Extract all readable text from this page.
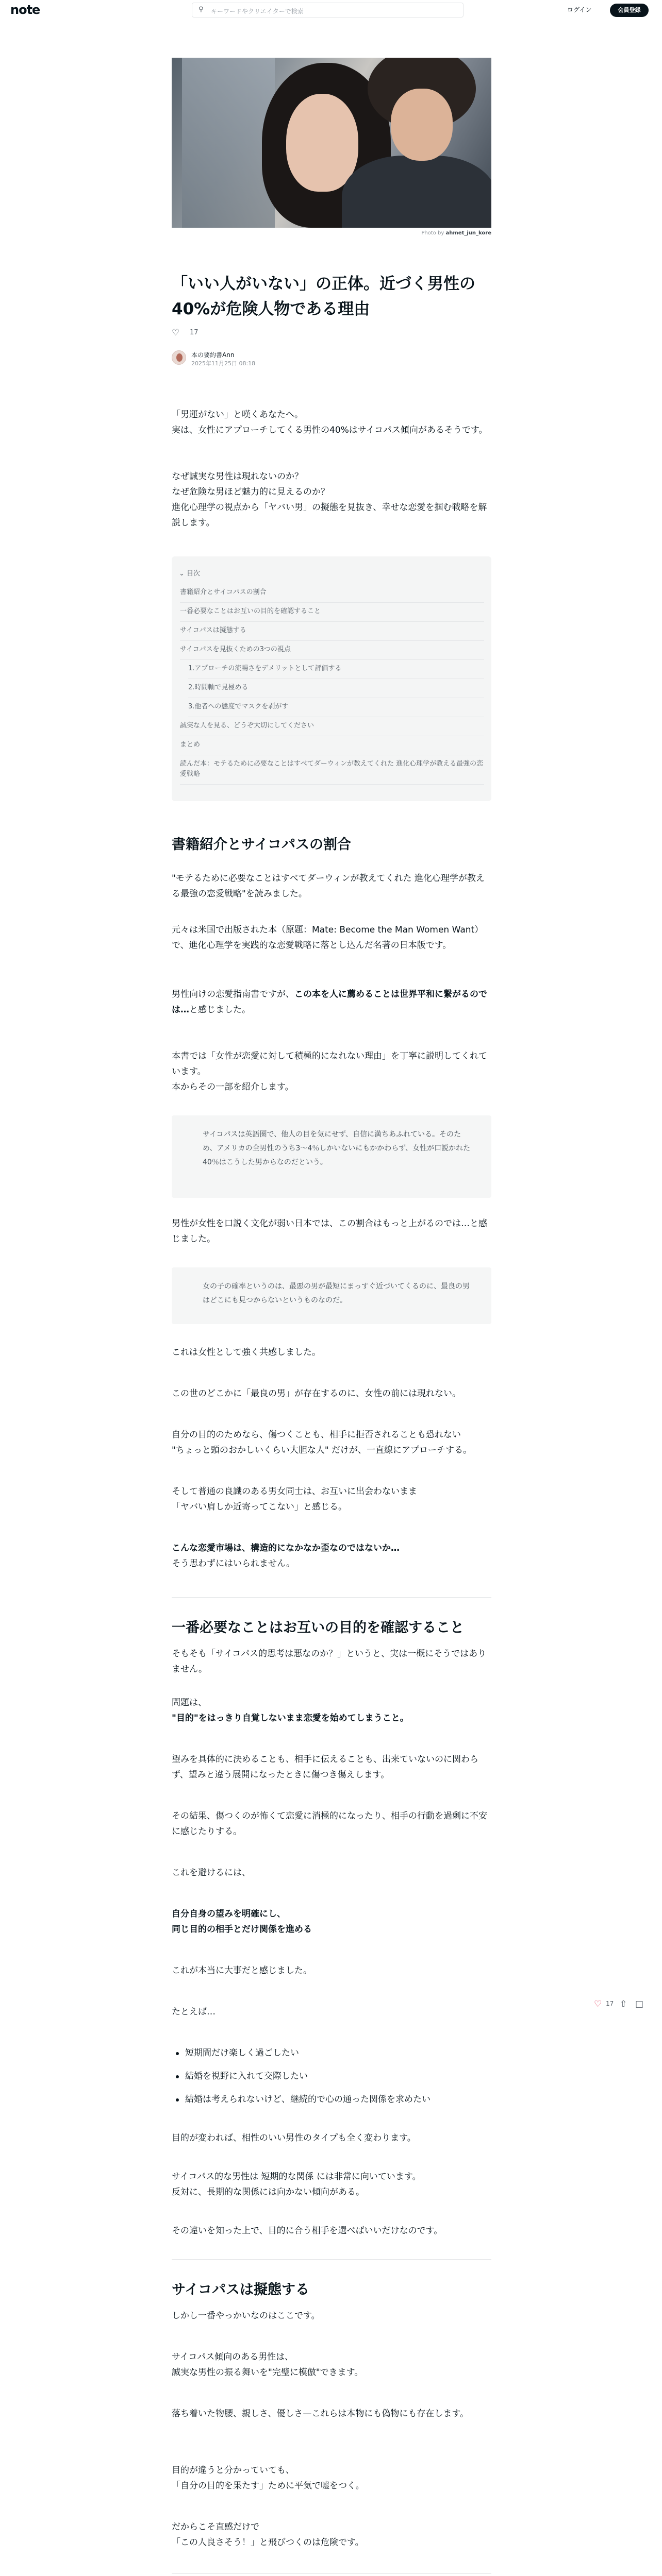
note	⚲ キーワードやクリエイターで検索	ログイン	会員登録
Photo by ahmet_jun_kore
「いい人がいない」の正体。近づく男性の40%が危険人物である理由
♡ 17
本の要約書Ann
2025年11月25日 08:18
「男運がない」と嘆くあなたへ。
実は、女性にアプローチしてくる男性の40%はサイコパス傾向があるそうです。
なぜ誠実な男性は現れないのか？
なぜ危険な男ほど魅力的に見えるのか？
進化心理学の視点から「ヤバい男」の擬態を見抜き、幸せな恋愛を掴む戦略を解説します。
⌄ 目次
書籍紹介とサイコパスの割合
一番必要なことはお互いの目的を確認すること
サイコパスは擬態する
サイコパスを見抜くための3つの視点
1.アプローチの流暢さをデメリットとして評価する
2.時間軸で見極める
3.他者への態度でマスクを剥がす
誠実な人を見る、どうぞ大切にしてください
まとめ
読んだ本：モテるために必要なことはすべてダーウィンが教えてくれた 進化心理学が教える最強の恋愛戦略
書籍紹介とサイコパスの割合
"モテるために必要なことはすべてダーウィンが教えてくれた 進化心理学が教える最強の恋愛戦略"を読みました。
元々は米国で出版された本（原題：Mate: Become the Man Women Want）で、進化心理学を実践的な恋愛戦略に落とし込んだ名著の日本版です。
男性向けの恋愛指南書ですが、この本を人に薦めることは世界平和に繋がるのでは…と感じました。
本書では「女性が恋愛に対して積極的になれない理由」を丁寧に説明してくれています。
本からその一部を紹介します。
サイコパスは英語圏で、他人の目を気にせず、自信に満ちあふれている。そのため、アメリカの全男性のうち3～4％しかいないにもかかわらず、女性が口説かれた40％はこうした男からなのだという。
男性が女性を口説く文化が弱い日本では、この割合はもっと上がるのでは…と感じました。
女の子の確率というのは、最悪の男が最短にまっすぐ近づいてくるのに、最良の男はどこにも見つからないというものなのだ。
これは女性として強く共感しました。
この世のどこかに「最良の男」が存在するのに、女性の前には現れない。
自分の目的のためなら、傷つくことも、相手に拒否されることも恐れない
"ちょっと頭のおかしいくらい大胆な人" だけが、一直線にアプローチする。
そして普通の良識のある男女同士は、お互いに出会わないまま
「ヤバい肩しか近寄ってこない」と感じる。
こんな恋愛市場は、構造的になかなか歪なのではないか…
そう思わずにはいられません。
一番必要なことはお互いの目的を確認すること
そもそも「サイコパス的思考は悪なのか？」というと、実は一概にそうではありません。
問題は、
"目的"をはっきり自覚しないまま恋愛を始めてしまうこと。
望みを具体的に決めることも、相手に伝えることも、出来ていないのに関わらず、望みと違う展開になったときに傷つき傷えします。
その結果、傷つくのが怖くて恋愛に消極的になったり、相手の行動を過剰に不安に感じたりする。
これを避けるには、
自分自身の望みを明確にし、
同じ目的の相手とだけ関係を進める
これが本当に大事だと感じました。
たとえば…
短期間だけ楽しく過ごしたい
結婚を視野に入れて交際したい
結婚は考えられないけど、継続的で心の通った関係を求めたい
目的が変われば、相性のいい男性のタイプも全く変わります。
サイコパス的な男性は 短期的な関係 には非常に向いています。
反対に、長期的な関係には向かない傾向がある。
その違いを知った上で、目的に合う相手を選べばいいだけなのです。
サイコパスは擬態する
しかし一番やっかいなのはここです。
サイコパス傾向のある男性は、
誠実な男性の振る舞いを"完璧に模倣"できます。
落ち着いた物腰、親しさ、優しさ—これらは本物にも偽物にも存在します。
目的が違うと分かっていても、
「自分の目的を果たす」ために平気で嘘をつく。
だからこそ直感だけで
「この人良さそう！」と飛びつくのは危険です。
♡ 17 ⇧ □
